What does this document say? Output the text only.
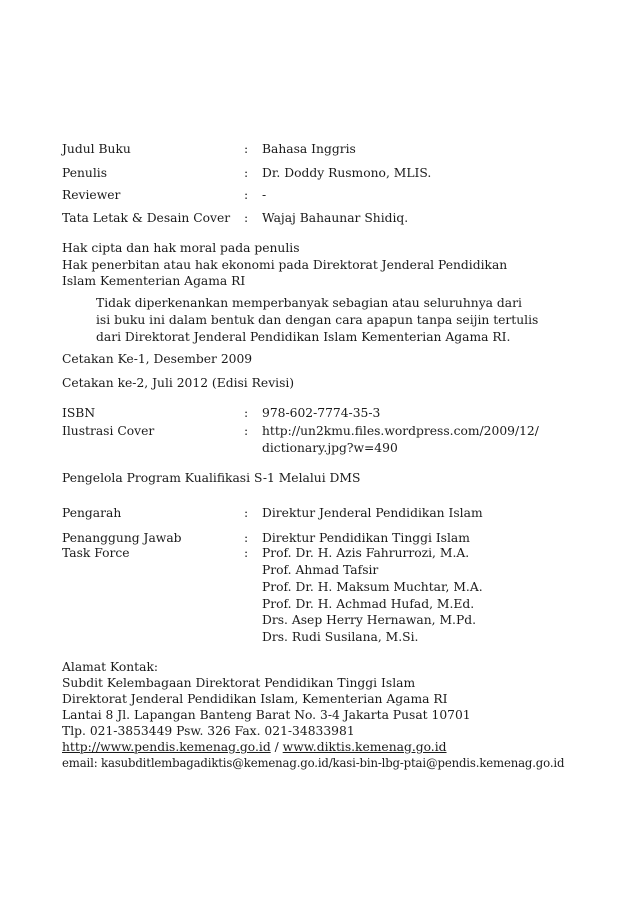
Judul Buku	: Bahasa Inggris
Penulis	: Dr. Doddy Rusmono, MLIS.
Reviewer	: -
Tata Letak & Desain Cover : Wajaj Bahaunar Shidiq.
Hak cipta dan hak moral pada penulis
Hak penerbitan atau hak ekonomi pada Direktorat Jenderal Pendidikan
Islam Kementerian Agama RI
Tidak diperkenankan memperbanyak sebagian atau seluruhnya dari
isi buku ini dalam bentuk dan dengan cara apapun tanpa seijin tertulis
dari Direktorat Jenderal Pendidikan Islam Kementerian Agama RI.
Cetakan Ke-1, Desember 2009
Cetakan ke-2, Juli 2012 (Edisi Revisi)
ISBN	: 978-602-7774-35-3
Ilustrasi Cover	: http://un2kmu.files.wordpress.com/2009/12/
dictionary.jpg?w=490
Pengelola Program Kualifikasi S-1 Melalui DMS
Pengarah	: Direktur Jenderal Pendidikan Islam
Penanggung Jawab	: Direktur Pendidikan Tinggi Islam
Task Force	: Prof. Dr. H. Azis Fahrurrozi, M.A.
Prof. Ahmad Tafsir
Prof. Dr. H. Maksum Muchtar, M.A.
Prof. Dr. H. Achmad Hufad, M.Ed.
Drs. Asep Herry Hernawan, M.Pd.
Drs. Rudi Susilana, M.Si.
Alamat Kontak:
Subdit Kelembagaan Direktorat Pendidikan Tinggi Islam
Direktorat Jenderal Pendidikan Islam, Kementerian Agama RI
Lantai 8 Jl. Lapangan Banteng Barat No. 3-4 Jakarta Pusat 10701
Tlp. 021-3853449 Psw. 326 Fax. 021-34833981
http://www.pendis.kemenag.go.id / www.diktis.kemenag.go.id
email: kasubditlembagadiktis@kemenag.go.id/kasi-bin-lbg-ptai@pendis.kemenag.go.id
